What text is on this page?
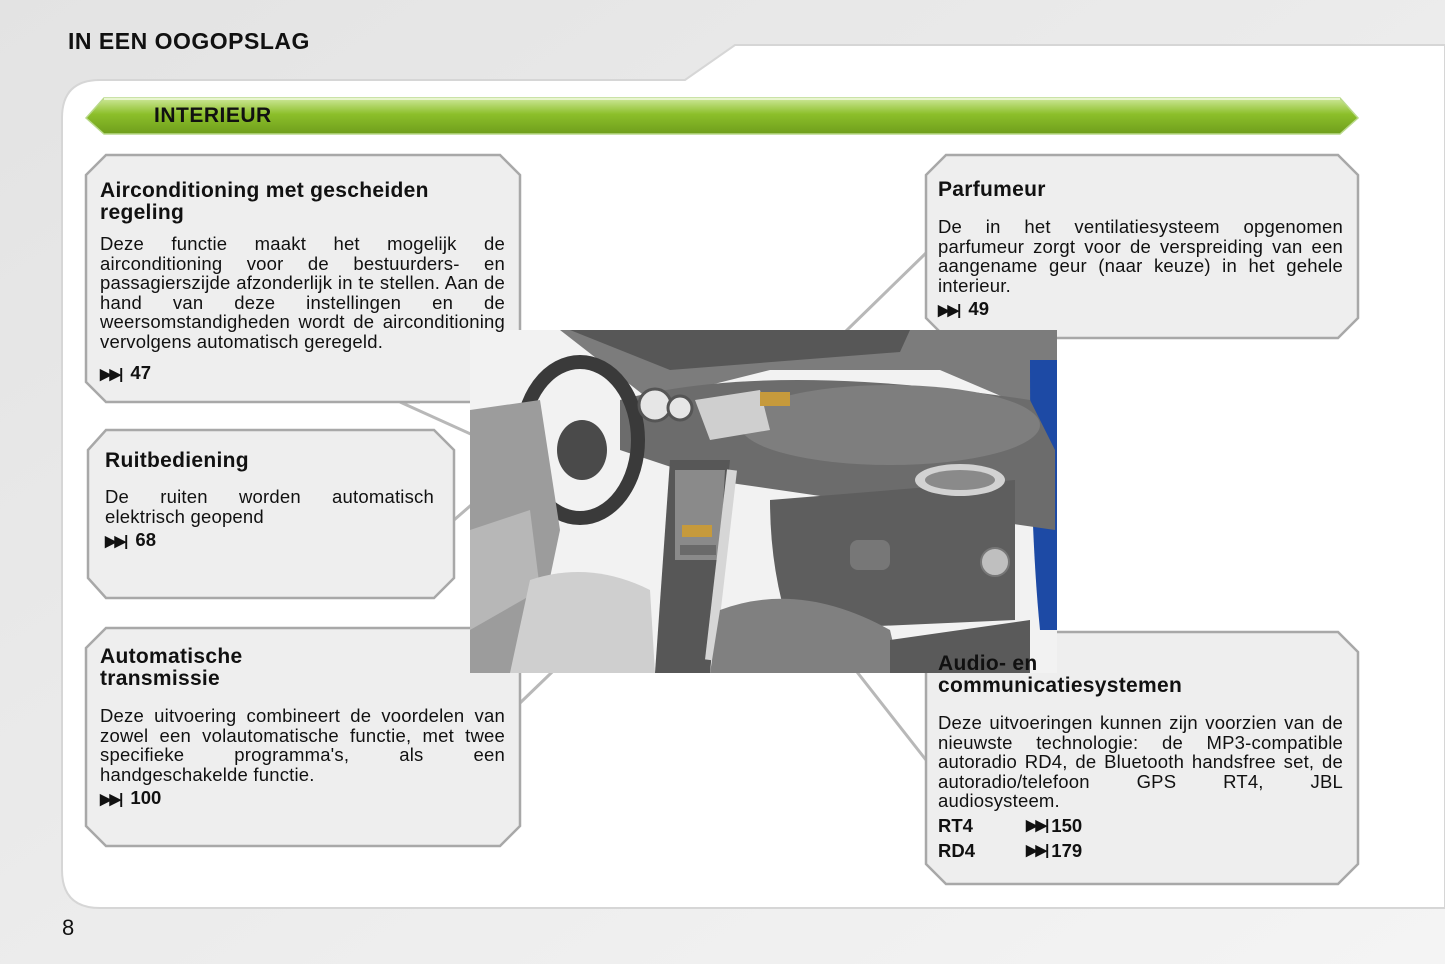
IN EEN OOGOPSLAG
INTERIEUR
Airconditioning met gescheiden regeling

Deze functie maakt het mogelijk de airconditioning voor de bestuurders- en passagierszijde afzonderlijk in te stellen. Aan de hand van deze instellingen en de weersomstandigheden wordt de airconditioning vervolgens automatisch geregeld.

▶▶| 47
Ruitbediening

De ruiten worden automatisch elektrisch geopend

▶▶| 68
Automatische transmissie

Deze uitvoering combineert de voordelen van zowel een volautomatische functie, met twee specifieke programma's, als een handgeschakelde functie.

▶▶| 100
Parfumeur

De in het ventilatiesysteem opgenomen parfumeur zorgt voor de verspreiding van een aangename geur (naar keuze) in het gehele interieur.

▶▶| 49
Audio- en communicatiesystemen

Deze uitvoeringen kunnen zijn voorzien van de nieuwste technologie: de MP3-compatible autoradio RD4, de Bluetooth handsfree set, de autoradio/telefoon GPS RT4, JBL audiosysteem.

RT4	▶▶| 150
RD4	▶▶| 179
8
